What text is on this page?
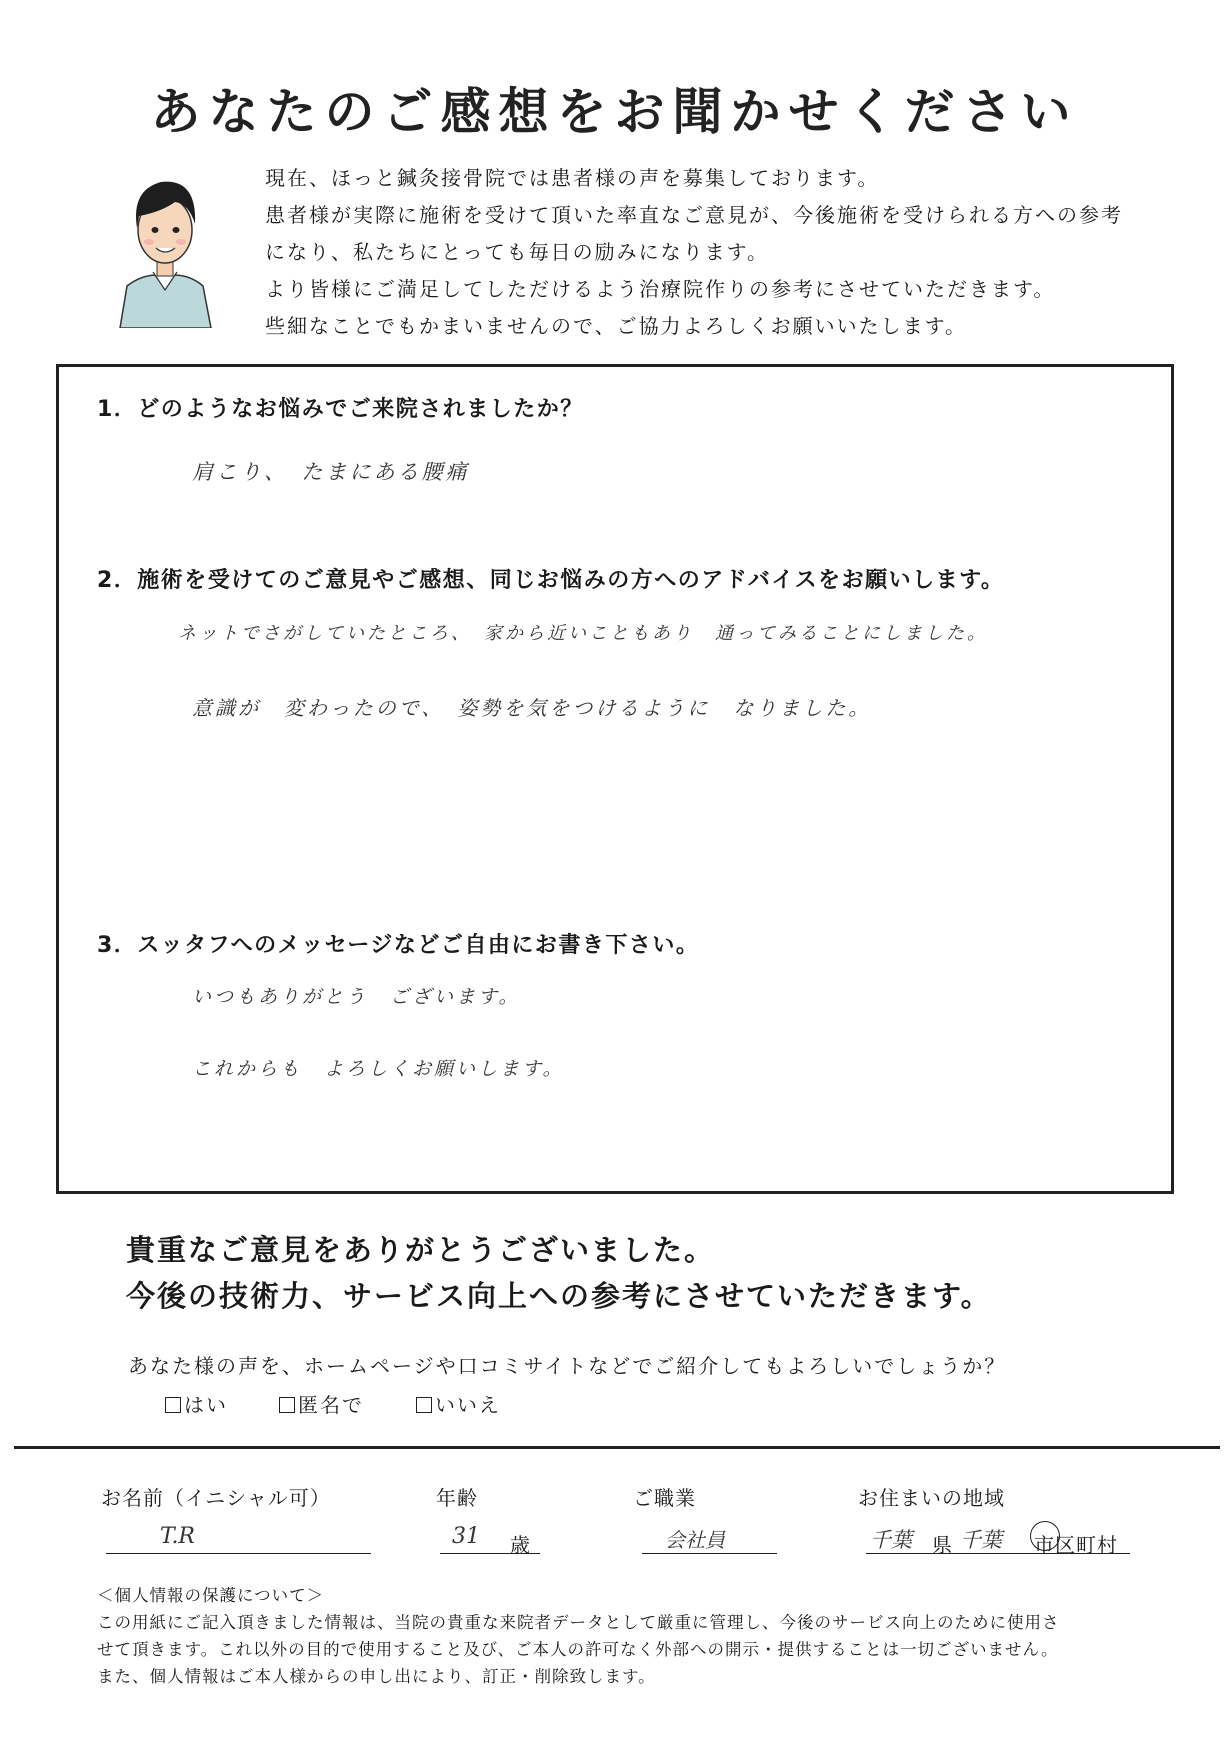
あなたのご感想をお聞かせください
現在、ほっと鍼灸接骨院では患者様の声を募集しております。
患者様が実際に施術を受けて頂いた率直なご意見が、今後施術を受けられる方への参考
になり、私たちにとっても毎日の励みになります。
より皆様にご満足してしただけるよう治療院作りの参考にさせていただきます。
些細なことでもかまいませんので、ご協力よろしくお願いいたします。
1．どのようなお悩みでご来院されましたか？
肩こり、　たまにある腰痛
2．施術を受けてのご意見やご感想、同じお悩みの方へのアドバイスをお願いします。
ネットでさがしていたところ、　家から近いこともあり　通ってみることにしました。
意識が　変わったので、　姿勢を気をつけるように　なりました。
3．スッタフへのメッセージなどご自由にお書き下さい。
いつもありがとう　ございます。
これからも　よろしくお願いします。
貴重なご意見をありがとうございました。
今後の技術力、サービス向上への参考にさせていただきます。
あなた様の声を、ホームページや口コミサイトなどでご紹介してもよろしいでしょうか？
はい	匿名で	いいえ
お名前（イニシャル可）
T.R
年齢
31 歳
ご職業
会社員
お住まいの地域
千葉 県 千葉 市区町村
＜個人情報の保護について＞
この用紙にご記入頂きました情報は、当院の貴重な来院者データとして厳重に管理し、今後のサービス向上のために使用さ
せて頂きます。これ以外の目的で使用すること及び、ご本人の許可なく外部への開示・提供することは一切ございません。
また、個人情報はご本人様からの申し出により、訂正・削除致します。
